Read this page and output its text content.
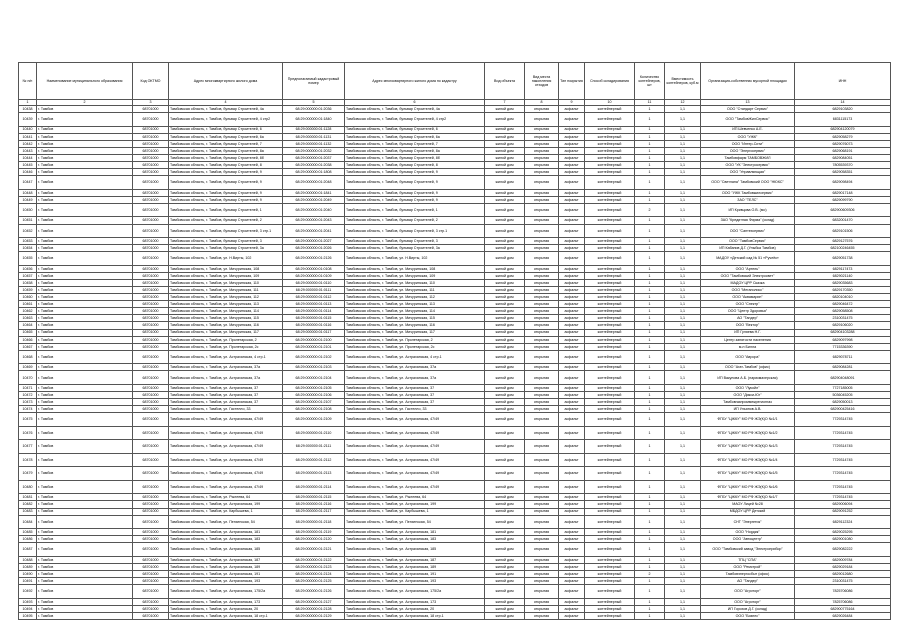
№ п/п	Наименование муниципального образования	Код ОКТМО	Адрес многоквартирного жилого дома	Предполагаемый кадастровый номер	Адрес многоквартирного жилого дома по кадастру	Вид объекта	Вид места накопления отходов	Тип покрытия	Способ складирования	Количество контейнеров, шт	Вместимость контейнеров, куб.м	Организация-собственник мусорной площадки	ИНН
1	2	3	4	5	6	7	8	9	10	11	12	13	14
10438	г. Тамбов	68701000	Тамбовская область, г. Тамбов, бульвар Строителей, 4а	68:29:000000:01:2036	Тамбовская область, г. Тамбов, бульвар Строителей, 4а	жилой дом	открытая	асфальт	контейнерный	1	1,1	ООО "Стандарт Сервис"	6829103820
10439	г. Тамбов	68701000	Тамбовская область, г. Тамбов, бульвар Строителей, 4 стр2	68:29:000000:01:1840	Тамбовская область, г. Тамбов, бульвар Строителей, 4 стр2	жилой дом	открытая	асфальт	контейнерный	1	1,1	ООО "ТамбовЖилСервис"	6831115173
10440	г. Тамбов	68701000	Тамбовская область, г. Тамбов, бульвар Строителей, 6	68:29:000000:01:1128	Тамбовская область, г. Тамбов, бульвар Строителей, 6	жилой дом	открытая	асфальт	контейнерный	1	1,1	ИП Шевченко А.Е.	682904120079
10441	г. Тамбов	68701000	Тамбовская область, г. Тамбов, бульвар Строителей, 6а	68:29:000000:01:1131	Тамбовская область, г. Тамбов, бульвар Строителей, 6а	жилой дом	открытая	асфальт	контейнерный	1	1,1	ООО "УЖК"	6829058279
10442	г. Тамбов	68701000	Тамбовская область, г. Тамбов, бульвар Строителей, 7	68:29:000000:01:1132	Тамбовская область, г. Тамбов, бульвар Строителей, 7	жилой дом	открытая	асфальт	контейнерный	1	1,1	ООО "Интер-Сити"	6829076073
10443	г. Тамбов	68701000	Тамбовская область, г. Тамбов, бульвар Строителей, 8а	68:29:000000:01:2032	Тамбовская область, г. Тамбов, бульвар Строителей, 8а	жилой дом	открытая	асфальт	контейнерный	1	1,1	ООО "Энергосервис"	6829068191
10444	г. Тамбов	68701000	Тамбовская область, г. Тамбов, бульвар Строителей, 8б	68:29:000000:01:2037	Тамбовская область, г. Тамбов, бульвар Строителей, 8б	жилой дом	открытая	асфальт	контейнерный	1	1,1	Тамбовфарм ТАМБОВЖИЛ	6829084051
10445	г. Тамбов	68701000	Тамбовская область, г. Тамбов, бульвар Строителей, 8	68:29:000000:01:2038	Тамбовская область, г. Тамбов, бульвар Строителей, 8	жилой дом	открытая	асфальт	контейнерный	1	1,1	ООО "УК "Электросервис"	7805539370
10446	г. Тамбов	68701000	Тамбовская область, г. Тамбов, бульвар Строителей, 9	68:29:000000:01:1808	Тамбовская область, г. Тамбов, бульвар Строителей, 9	жилой дом	открытая	асфальт	контейнерный	1	1,1	ООО "Управляющая"	6829058351
10447	г. Тамбов	68701000	Тамбовская область, г. Тамбов, бульвар Строителей, 9	68:29:000000:01:2048	Тамбовская область, г. Тамбов, бульвар Строителей, 9	жилой дом	открытая	асфальт	контейнерный	1	1,1	ООО "Светлана" Тамбовский ООО "НЮКС"	6829098494
10448	г. Тамбов	68701000	Тамбовская область, г. Тамбов, бульвар Строителей, 9	68:29:000000:01:1841	Тамбовская область, г. Тамбов, бульвар Строителей, 9	жилой дом	открытая	асфальт	контейнерный	1	1,1	ООО "УЖК Тамбовжилсервис"	6829017148
10449	г. Тамбов	68701000	Тамбовская область, г. Тамбов, бульвар Строителей, 9	68:29:000000:01:2049	Тамбовская область, г. Тамбов, бульвар Строителей, 9	жилой дом	открытая	асфальт	контейнерный	1	1,1	ЗАО "ТЕЛС"	6829099790
10450	г. Тамбов	68701000	Тамбовская область, г. Тамбов, бульвар Строителей, 1	68:29:000000:01:2040	Тамбовская область, г. Тамбов, бульвар Строителей, 1	жилой дом	открытая	асфальт	контейнерный	2	1,1	ИП Кривцова О.В. (мо)	682900609306
10451	г. Тамбов	68701000	Тамбовская область, г. Тамбов, бульвар Строителей, 2	68:29:000000:01:2043	Тамбовская область, г. Тамбов, бульвар Строителей, 2	жилой дом	открытая	асфальт	контейнерный	1	1,1	ЗАО "Кредитная Фирма" (склад)	6832001470
10452	г. Тамбов	68701000	Тамбовская область, г. Тамбов, бульвар Строителей, 3 стр.1	68:29:000000:01:2041	Тамбовская область, г. Тамбов, бульвар Строителей, 3 стр.1	жилой дом	открытая	асфальт	контейнерный	1	1,1	ООО "Сантехсервис"	6829101506
10453	г. Тамбов	68701000	Тамбовская область, г. Тамбов, бульвар Строителей, 3	68:29:000000:01:2027	Тамбовская область, г. Тамбов, бульвар Строителей, 3	жилой дом	открытая	асфальт	контейнерный	1	1,1	ООО "ТамбовСервис"	6829127576
10454	г. Тамбов	68701000	Тамбовская область, г. Тамбов, бульвар Строителей, 3а	68:29:000000:01:2026	Тамбовская область, г. Тамбов, бульвар Строителей, 3а	жилой дом	открытая	асфальт	контейнерный	1	1,1	ИП Кабанов Д.Г. (Улыбка Тамбов)	682100246455
10455	г. Тамбов	68701000	Тамбовская область, г. Тамбов, ул. Н.Вирты, 102	68:29:000000:01:2126	Тамбовская область, г. Тамбов, ул. Н.Вирты, 102	жилой дом	открытая	асфальт	контейнерный	1	1,1	МАДОУ «Детский сад № 51 «Ручеёк»	6829051738
10456	г. Тамбов	68701000	Тамбовская область, г. Тамбов, ул. Мичуринская, 108	68:29:000000:01:0108	Тамбовская область, г. Тамбов, ул. Мичуринская, 108	жилой дом	открытая	асфальт	контейнерный	1	1,1	ООО "Артель"	6829117473
10457	г. Тамбов	68701000	Тамбовская область, г. Тамбов, ул. Мичуринская, 109	68:29:000000:01:0109	Тамбовская область, г. Тамбов, ул. Мичуринская, 109	жилой дом	открытая	асфальт	контейнерный	1	1,1	ООО "Тамбовский Электросвет"	6829021140
10458	г. Тамбов	68701000	Тамбовская область, г. Тамбов, ул. Мичуринская, 110	68:29:000000:01:0110	Тамбовская область, г. Тамбов, ул. Мичуринская, 110	жилой дом	открытая	асфальт	контейнерный	1	1,1	МАДОУ ЦРР Сказка	6829035683
10459	г. Тамбов	68701000	Тамбовская область, г. Тамбов, ул. Мичуринская, 111	68:29:000000:01:0111	Тамбовская область, г. Тамбов, ул. Мичуринская, 111	жилой дом	открытая	асфальт	контейнерный	1	1,1	ООО "Мегаполисс"	6829170350
10460	г. Тамбов	68701000	Тамбовская область, г. Тамбов, ул. Мичуринская, 112	68:29:000000:01:0112	Тамбовская область, г. Тамбов, ул. Мичуринская, 112	жилой дом	открытая	асфальт	контейнерный	1	1,1	ООО "Аквамарин"	6820104010
10461	г. Тамбов	68701000	Тамбовская область, г. Тамбов, ул. Мичуринская, 113	68:29:000000:01:0113	Тамбовская область, г. Тамбов, ул. Мичуринская, 113	жилой дом	открытая	асфальт	контейнерный	1	1,1	ООО "Спектр"	6829046472
10462	г. Тамбов	68701000	Тамбовская область, г. Тамбов, ул. Мичуринская, 114	68:29:000000:01:0114	Тамбовская область, г. Тамбов, ул. Мичуринская, 114	жилой дом	открытая	асфальт	контейнерный	1	1,1	ООО "Центр Здоровья"	6829058508
10463	г. Тамбов	68701000	Тамбовская область, г. Тамбов, ул. Мичуринская, 115	68:29:000000:01:0115	Тамбовская область, г. Тамбов, ул. Мичуринская, 115	жилой дом	открытая	асфальт	контейнерный	1	1,1	АО "Тандер"	2310031475
10464	г. Тамбов	68701000	Тамбовская область, г. Тамбов, ул. Мичуринская, 116	68:29:000000:01:0116	Тамбовская область, г. Тамбов, ул. Мичуринская, 116	жилой дом	открытая	асфальт	контейнерный	1	1,1	ООО "Вектор"	6829106020
10465	г. Тамбов	68701000	Тамбовская область, г. Тамбов, ул. Мичуринская, 117	68:29:000000:01:0117	Тамбовская область, г. Тамбов, ул. Мичуринская, 117	жилой дом	открытая	асфальт	контейнерный	1	1,1	ИП Гуляева Н.Г.	682904103288
10466	г. Тамбов	68701000	Тамбовская область, г. Тамбов, ул. Пролетарская, 2	68:29:000000:01:2100	Тамбовская область, г. Тамбов, ул. Пролетарская, 2	жилой дом	открытая	асфальт	контейнерный	1	1,1	Центр занятости населения	6829097998
10467	г. Тамбов	68701000	Тамбовская область, г. Тамбов, ул. Пролетарская, 2с	68:29:000000:01:2101	Тамбовская область, г. Тамбов, ул. Пролетарская, 2с	жилой дом	открытая	асфальт	контейнерный	1	1,1	м-н Билла	7715336390
10468	г. Тамбов	68701000	Тамбовская область, г. Тамбов, ул. Астраханская, 4 стр.1	68:29:000000:01:2102	Тамбовская область, г. Тамбов, ул. Астраханская, 4 стр.1	жилой дом	открытая	асфальт	контейнерный	1	1,1	ООО "Аврора"	6829078711
10469	г. Тамбов	68701000	Тамбовская область, г. Тамбов, ул. Астраханская, 37а	68:29:000000:01:2103	Тамбовская область, г. Тамбов, ул. Астраханская, 37а	жилой дом	открытая	асфальт	контейнерный	1	1,1	ООО "Агат-Тамбов" (офис)	6829084281
10470	г. Тамбов	68701000	Тамбовская область, г. Тамбов, ул. Астраханская, 37а	68:29:000000:01:2104	Тамбовская область, г. Тамбов, ул. Астраханская, 37а	жилой дом	открытая	асфальт	контейнерный	1	1,1	ИП Вакулова А.Б. (парикмахерская)	682904048091
10471	г. Тамбов	68701000	Тамбовская область, г. Тамбов, ул. Астраханская, 37	68:29:000000:01:2105	Тамбовская область, г. Тамбов, ул. Астраханская, 37	жилой дом	открытая	асфальт	контейнерный	1	1,1	ООО "Лукойл"	7727185005
10472	г. Тамбов	68701000	Тамбовская область, г. Тамбов, ул. Астраханская, 37	68:29:000000:01:2106	Тамбовская область, г. Тамбов, ул. Астраханская, 37	жилой дом	открытая	асфальт	контейнерный	1	1,1	ООО "Дикси-Юг"	5036045205
10473	г. Тамбов	68701000	Тамбовская область, г. Тамбов, ул. Астраханская, 37	68:29:000000:01:2107	Тамбовская область, г. Тамбов, ул. Астраханская, 37	жилой дом	открытая	асфальт	контейнерный	1	1,1	Тамбовгазпроммежрегионгаз	6829050013
10474	г. Тамбов	68701000	Тамбовская область, г. Тамбов, ул. Гастелло, 33	68:29:000000:01:2108	Тамбовская область, г. Тамбов, ул. Гастелло, 33	жилой дом	открытая	асфальт	контейнерный	1	1,1	ИП Ульянов А.В.	682900425416
10475	г. Тамбов	68701000	Тамбовская область, г. Тамбов, ул. Астраханская, 47/49	68:29:000000:01:2109	Тамбовская область, г. Тамбов, ул. Астраханская, 47/49	жилой дом	открытая	асфальт	контейнерный	1	1,1	ФГБУ "ЦЖКУ" МО РФ ЖЭ(К)О №1/1	7729314745
10476	г. Тамбов	68701000	Тамбовская область, г. Тамбов, ул. Астраханская, 47/49	68:29:000000:01:2110	Тамбовская область, г. Тамбов, ул. Астраханская, 47/49	жилой дом	открытая	асфальт	контейнерный	1	1,1	ФГБУ "ЦЖКУ" МО РФ ЖЭ(К)О №1/2	7729314745
10477	г. Тамбов	68701000	Тамбовская область, г. Тамбов, ул. Астраханская, 47/49	68:29:000000:01:2111	Тамбовская область, г. Тамбов, ул. Астраханская, 47/49	жилой дом	открытая	асфальт	контейнерный	1	1,1	ФГБУ "ЦЖКУ" МО РФ ЖЭ(К)О №1/3	7729314745
10478	г. Тамбов	68701000	Тамбовская область, г. Тамбов, ул. Астраханская, 47/49	68:29:000000:01:2112	Тамбовская область, г. Тамбов, ул. Астраханская, 47/49	жилой дом	открытая	асфальт	контейнерный	1	1,1	ФГБУ "ЦЖКУ" МО РФ ЖЭ(К)О №1/4	7729314745
10479	г. Тамбов	68701000	Тамбовская область, г. Тамбов, ул. Астраханская, 47/49	68:29:000000:01:2113	Тамбовская область, г. Тамбов, ул. Астраханская, 47/49	жилой дом	открытая	асфальт	контейнерный	1	1,1	ФГБУ "ЦЖКУ" МО РФ ЖЭ(К)О №1/5	7729314745
10480	г. Тамбов	68701000	Тамбовская область, г. Тамбов, ул. Астраханская, 47/49	68:29:000000:01:2114	Тамбовская область, г. Тамбов, ул. Астраханская, 47/49	жилой дом	открытая	асфальт	контейнерный	1	1,1	ФГБУ "ЦЖКУ" МО РФ ЖЭ(К)О №1/6	7729314745
10481	г. Тамбов	68701000	Тамбовская область, г. Тамбов, ул. Рылеева, 64	68:29:000000:01:2115	Тамбовская область, г. Тамбов, ул. Рылеева, 64	жилой дом	открытая	асфальт	контейнерный	1	1,1	ФГБУ "ЦЖКУ" МО РФ ЖЭ(К)О №1/7	7729314745
10482	г. Тамбов	68701000	Тамбовская область, г. Тамбов, ул. Астраханская, 199	68:29:000000:01:2116	Тамбовская область, г. Тамбов, ул. Астраханская, 199	жилой дом	открытая	асфальт	контейнерный	1	1,1	МАОУ Лицей №28	6829006094
10483	г. Тамбов	68701000	Тамбовская область, г. Тамбов, ул. Карбышева, 1	68:29:000000:01:2117	Тамбовская область, г. Тамбов, ул. Карбышева, 1	жилой дом	открытая	асфальт	контейнерный	1	1,1	МБДОУ ЦРР Детский	6829091252
10484	г. Тамбов	68701000	Тамбовская область, г. Тамбов, ул. Пензенская, 54	68:29:000000:01:2118	Тамбовская область, г. Тамбов, ул. Пензенская, 54	жилой дом	открытая	асфальт	контейнерный	1	1,1	СНТ "Энергетик"	6829112324
10485	г. Тамбов	68701000	Тамбовская область, г. Тамбов, ул. Астраханская, 181	68:29:000000:01:2119	Тамбовская область, г. Тамбов, ул. Астраханская, 181	жилой дом	открытая	асфальт	контейнерный	1	1,1	ООО "Нордик"	6829025295
10486	г. Тамбов	68701000	Тамбовская область, г. Тамбов, ул. Астраханская, 183	68:29:000000:01:2120	Тамбовская область, г. Тамбов, ул. Астраханская, 183	жилой дом	открытая	асфальт	контейнерный	1	1,1	ООО "Автоцентр"	6829001080
10487	г. Тамбов	68701000	Тамбовская область, г. Тамбов, ул. Астраханская, 185	68:29:000000:01:2121	Тамбовская область, г. Тамбов, ул. Астраханская, 185	жилой дом	открытая	асфальт	контейнерный	1	1,1	ООО "Тамбовский завод "Электроприбор"	6829082222
10488	г. Тамбов	68701000	Тамбовская область, г. Тамбов, ул. Астраханская, 187	68:29:000000:01:2122	Тамбовская область, г. Тамбов, ул. Астраханская, 187	жилой дом	открытая	асфальт	контейнерный	1	1,1	ТПЦ "СПА"	6829009784
10489	г. Тамбов	68701000	Тамбовская область, г. Тамбов, ул. Астраханская, 189	68:29:000000:01:2123	Тамбовская область, г. Тамбов, ул. Астраханская, 189	жилой дом	открытая	асфальт	контейнерный	1	1,1	ООО "Ремстрой"	6829029184
10490	г. Тамбов	68701000	Тамбовская область, г. Тамбов, ул. Астраханская, 191	68:29:000000:01:2124	Тамбовская область, г. Тамбов, ул. Астраханская, 191	жилой дом	открытая	асфальт	контейнерный	2	1,1	Тамбовэнергосбыт (офис)	6829012680
10491	г. Тамбов	68701000	Тамбовская область, г. Тамбов, ул. Астраханская, 193	68:29:000000:01:2125	Тамбовская область, г. Тамбов, ул. Астраханская, 193	жилой дом	открытая	асфальт	контейнерный	1	1,1	АО "Тандер"	2310031475
10492	г. Тамбов	68701000	Тамбовская область, г. Тамбов, ул. Астраханская, 175/2а	68:29:000000:01:2126	Тамбовская область, г. Тамбов, ул. Астраханская, 175/2а	жилой дом	открытая	асфальт	контейнерный	1	1,1	ООО "Агроторг"	7825706086
10493	г. Тамбов	68701000	Тамбовская область, г. Тамбов, ул. Астраханская, 173	68:29:000000:01:2127	Тамбовская область, г. Тамбов, ул. Астраханская, 173	жилой дом	открытая	асфальт	контейнерный	1	1,1	ООО "Агроторг"	7825706086
10494	г. Тамбов	68701000	Тамбовская область, г. Тамбов, ул. Астраханская, 20	68:29:000000:01:2128	Тамбовская область, г. Тамбов, ул. Астраханская, 20	жилой дом	открытая	асфальт	контейнерный	1	1,1	ИП Горохов Д.Г. (склад)	682900775164
10495	г. Тамбов	68701000	Тамбовская область, г. Тамбов, ул. Астраханская, 18 стр.1	68:29:000000:01:2129	Тамбовская область, г. Тамбов, ул. Астраханская, 18 стр.1	жилой дом	открытая	асфальт	контейнерный	1	1,1	ООО "Бизнес"	6829026484
